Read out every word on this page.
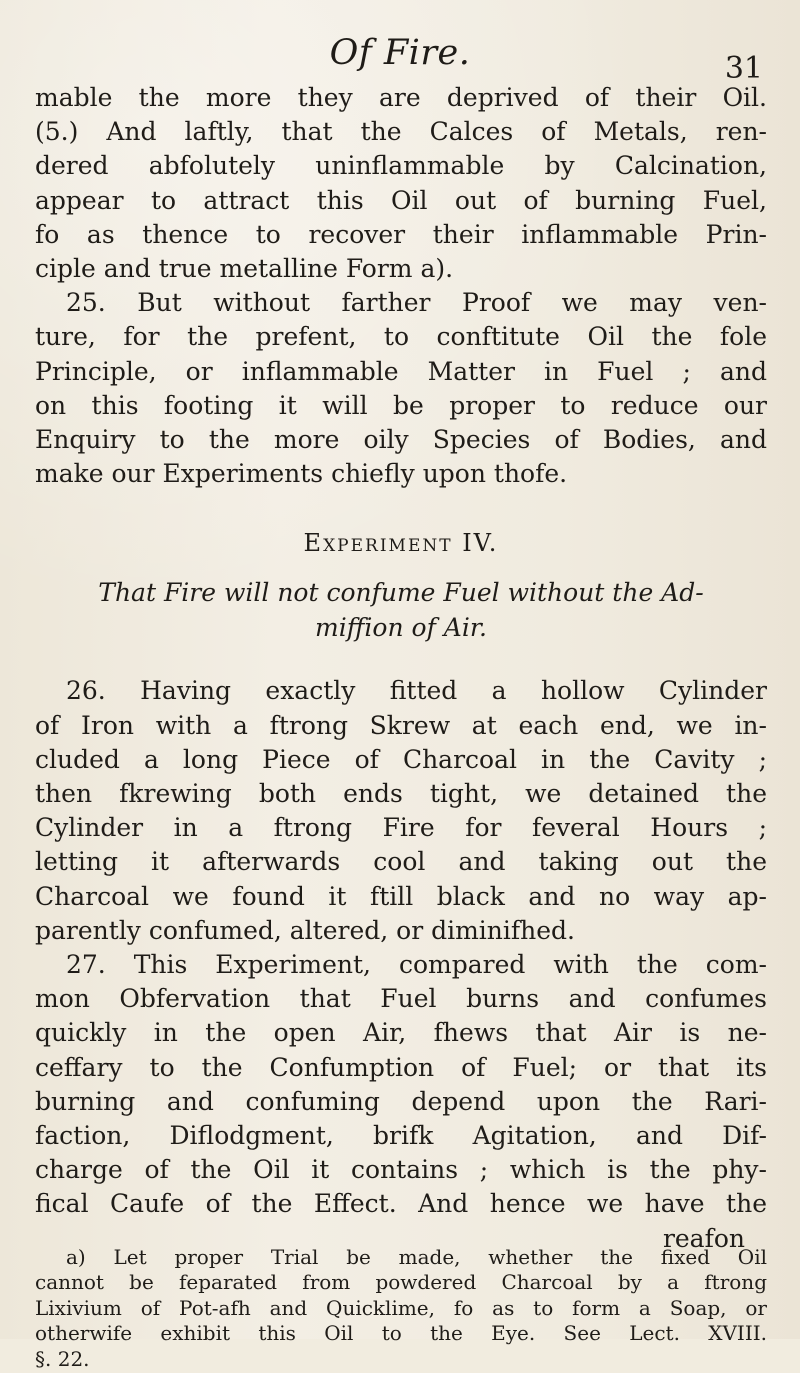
Of Fire.	31
mable the more they are deprived of their Oil.
(5.) And laftly, that the Calces of Metals, ren-
dered abfolutely uninflammable by Calcination,
appear to attract this Oil out of burning Fuel,
fo as thence to recover their inflammable Prin-
ciple and true metalline Form a).
25. But without farther Proof we may ven-
ture, for the prefent, to conftitute Oil the fole
Principle, or inflammable Matter in Fuel ; and
on this footing it will be proper to reduce our
Enquiry to the more oily Species of Bodies, and
make our Experiments chiefly upon thofe.
Experiment IV.
That Fire will not confume Fuel without the Ad-
miffion of Air.
26. Having exactly fitted a hollow Cylinder
of Iron with a ftrong Skrew at each end, we in-
cluded a long Piece of Charcoal in the Cavity ;
then fkrewing both ends tight, we detained the
Cylinder in a ftrong Fire for feveral Hours ;
letting it afterwards cool and taking out the
Charcoal we found it ftill black and no way ap-
parently confumed, altered, or diminifhed.
27. This Experiment, compared with the com-
mon Obfervation that Fuel burns and confumes
quickly in the open Air, fhews that Air is ne-
ceffary to the Confumption of Fuel; or that its
burning and confuming depend upon the Rari-
faction, Diflodgment, brifk Agitation, and Dif-
charge of the Oil it contains ; which is the phy-
fical Caufe of the Effect. And hence we have the
a) Let proper Trial be made, whether the fixed Oil
cannot be feparated from powdered Charcoal by a ftrong
Lixivium of Pot-afh and Quicklime, fo as to form a Soap, or
otherwife exhibit this Oil to the Eye. See Lect. XVIII.
§. 22.
reafon
